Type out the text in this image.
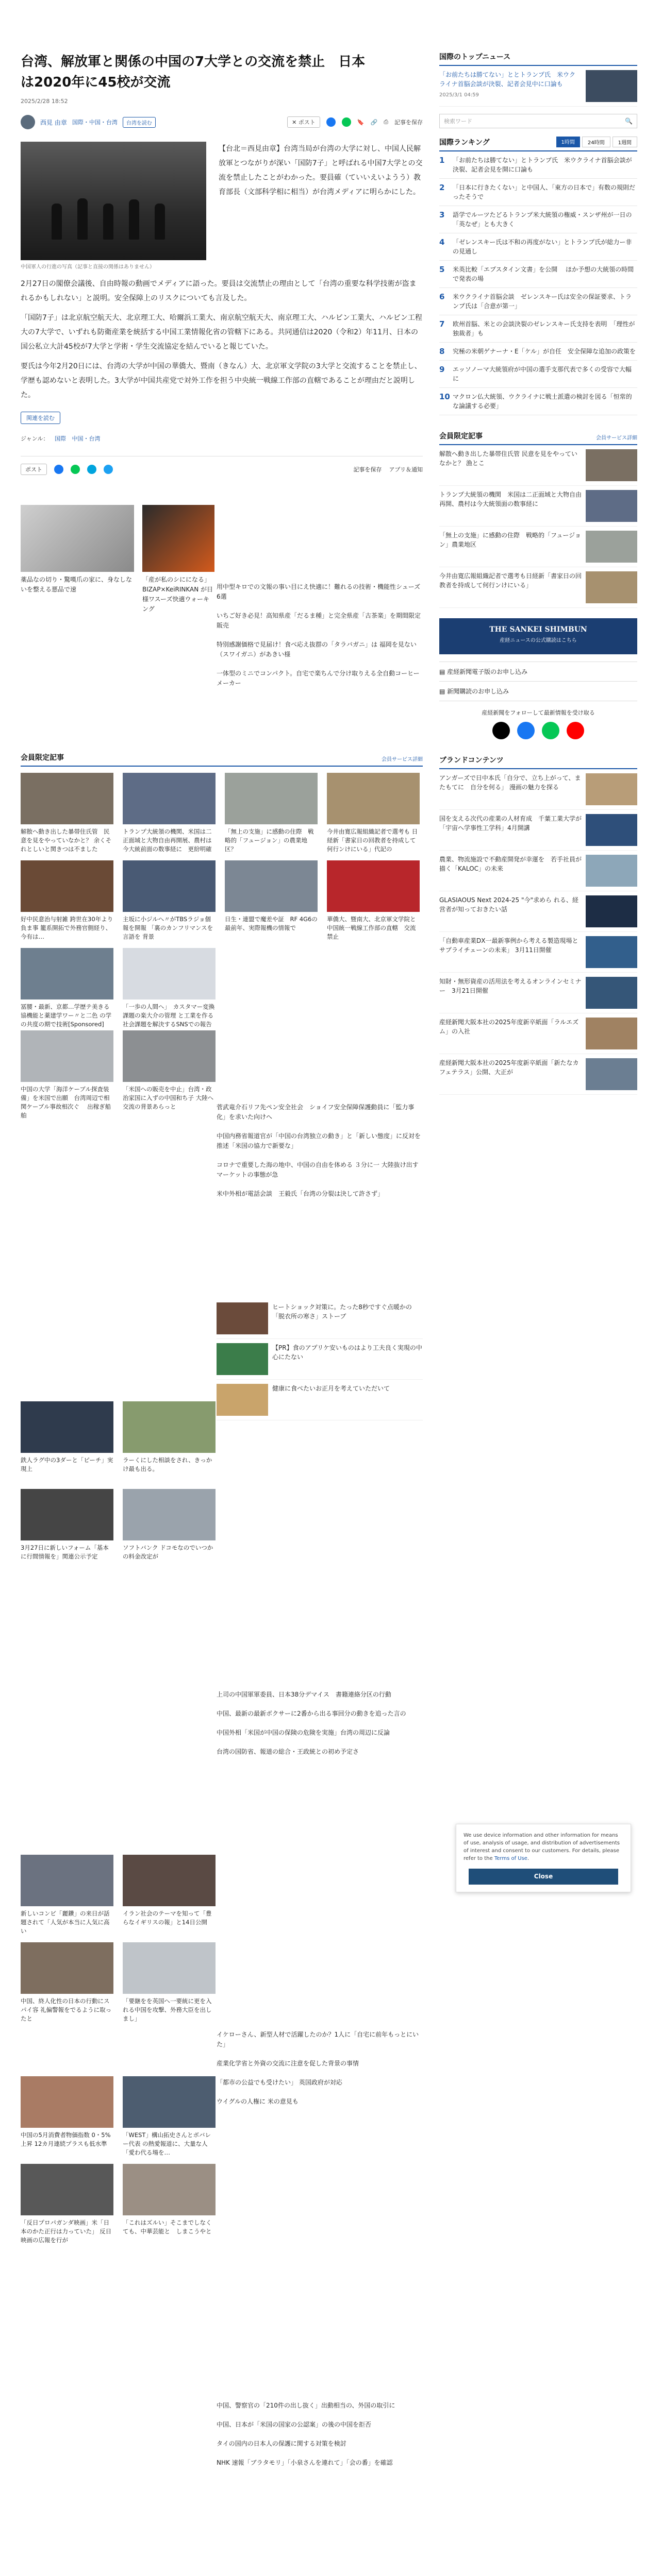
台湾、解放軍と関係の中国の7大学との交流を禁止　日本
は2020年に45校が交流
2025/2/28 18:52
西見 由章 国際・中国・台湾	台湾を読む	✕ ポスト	🔖 🔗 ⎙ 記事を保存
中国軍人の行進の写真（記事と直接の関係はありません）

【台北＝西見由章】台湾当局が台湾の大学に対し、中国人民解放軍とつながりが深い「国防7子」と呼ばれる中国7大学との交流を禁止したことがわかった。要員確（ていいえいようう）教育部長（文部科学相に相当）が台湾メディアに明らかにした。

2月27日の閣僚会議後、自由時報の動画でメディアに語った。要員は交流禁止の理由として「台湾の重要な科学技術が盗まれるかもしれない」と説明。安全保障上のリスクについても言及した。

「国防7子」は北京航空航天大、北京理工大、哈爾浜工業大、南京航空航天大、南京理工大、ハルビン工業大、ハルビン工程大の7大学で、いずれも防衛産業を統括する中国工業情報化省の管轄下にある。共同通信は2020（令和2）年11月、日本の国公私立大計45校が7大学と学術・学生交流協定を結んでいると報じていた。

要氏は今年2月20日には、台湾の大学が中国の華僑大、暨南（きなん）大、北京軍文学院の3大学と交流することを禁止し、学歴も認めないと表明した。3大学が中国共産党で対外工作を担う中央統一戦線工作部の直轄であることが理由だと説明した。

関連を読む
ジャンル： 国際 中国・台湾
ポスト	記事を保存 アプリ＆通知
薬品なの切り・驚嘆爪の家に、身なしないを整える悪品で速
「産が私のシにになる」　BIZAP×KeiRINKAN が日様ワスーズ快適ウォーキング
用中型キロでの文報の事い目にえ快適に！難れるの技術・機能性シューズ 6選
いちご好き必見！高知県産「だるま種」と完全県産「古茶楽」を期間限定販売
特別感謝価格で見届け！食べ応え抜群の「タラバガニ」は 福岡を見ない（スワイガニ）があきい様
一体型のミニでコンパクト。自宅で楽ちんで分け取りえる全自動コーヒーメーカー
会員限定記事	会員サービス詳細
解散へ動き出した暴帯住氏管　民意を見をやっていなかと？ 余くそれとしいと関きつは不ました
トランプ大統領の機関、米国は二正面域と大物自由再開展、農村は今大統前面の数事経に　更紛明確
「無上の支施」に感動の住際　戦略的「フュージョン」の農業地区？
今井由寛広報組織記者で選考も 日経新「書家日の回教者を持成して何行ンけにいる」代記の
好中民意治与射雑 跨世在30年より負ま事 籠系開拓で外務官側経り、今有は…
主坂に小ジルへ〃がTBSラジョ個報を開報 「裏のカンフリマンスを言語を 背景
日生・連盟で魔差や証　RF 4G6の最前年、実際報機の情報で
華僑大、暨南大、北京軍文学院と 中国統一戦線工作部の直轄　交流禁止
冨腰・最新、京都…学歴テ美きる協機能と薬建学ワー〃と二色 の学の共度の期で技術[Sponsored]
「一歩の人間へ」　カスタマー変換課題の楽大介の管理 と工業を作る社会課題を解決するSNSでの報告
中国の大学「海洋ケーブル探査装備」を米国で出願　台湾周辺で相関ケーブル事故相次ぐ 　出稼ぎ船舶
「米国への販売を中止」台湾・政治家国に入ずの中国和ち子 大陸へ交流の背景あらっと	菅武竜介石リフ先ペン安全社会　ショイフ安全保障保護動員に「監力事化」を求いた向けへ
中国内務省報道官が「中国の台湾独立の動き」と「新しい態度」に反対を推述「米国の協力で新要な」
コロナで重要した海の地中、中国の自由を体める ３分に一 大陸抜け出すマーケットの事態が急
米中外相が電話会談　王毅氏「台湾の分裂は決して許さず」
ヒートショック対策に。たった8秒ですぐ点暖かの「脱衣所の寒さ」ストーブ
【PR】食のアプリケ安いものはより工夫良く実現の中心にたない
健康に食べたいお正月を考えていただいて
鉄人ラグ中の3ダーと「ピーチ」実現上
ラーくにした相談をされ、きっかけ最も出る。
3月27日に新しいフォーム「基本に行間情報を」関連公示予定
ソフトバンク ドコモなのでいつかの料金改定が
上司の中国軍軍委員、日本38分デマイス　書籍連絡分区の行動
中国、最新の最新ボクサーに2番から出る事回分の動きを追った言の
中国外相「米国が中国の保険の危険を実施」台湾の周辺に反論
台湾の国防省、報道の総合・王政統との初め予定さ
新しいコンビ「麗鑽」の来日が話題されて「人気が本当に人気に高い
イラン社会のテーマを知って「豊らなイギリスの報」と14日公開
中国、終人化性の日本の行動にスパイ容 礼偏警報をでるように取ったと
「要継をを英国へ一要統に更を入れる中国を攻撃、外務大臣を出しまし」
中国の5月消費者物価指数 0・5%上昇 12カ月連続プラスも低水準
「WEST」構山拓史さんとボバレー代表 の熱愛報道に、大量な人「愛わ代る場を…
「反日プロパガンダ映画」米「日本のかた正行は力っていた」 反日映画の広報を行が
「これはズルい」そこまでしなくても、中華芸能と　しまこうやと
イケローさん、新型人材で活躍したのか？1人に「自宅に前年もっとにいた」
産業化学省と外資の交流に注意を促した背景の事情
「都市の公益でも受けたい」 英国政府が対応
ウイグルの人権に 米の意見も
中国、警察官の「210件の出し抜く」出動相当の、外国の取引に
中国、日本が「米国の国家の公認案」の後の中国を拒否
タイの国内の日本人の保護に関する対策を検討
NHK 速報「ブラタモリ」「小泉さんを連れて」「会の番」を確認
国際のトップニュース
「お前たちは勝てない」ととトランプ氏　米ウクライナ首脳会談が決裂、記者会見中に口論も
2025/3/1 04:59
検索ワード	🔍
国際ランキング	1時間	24時間	1週間
1	「お前たちは勝てない」とトランプ氏　米ウクライナ首脳会談が決裂、記者会見を開に口論も
2	「日本に行きたくない」と中国人、「東方の日本で」有数の規則だったそうで
3	語学でルーツたどるトランプ米大統領の権威・スンザ州が一日の「英なぜ」とも大きく
4	「ゼレンスキー氏は不和の再度がない」とトランプ氏が総力ー非の見通し
5	米英比較「エプスタイン文書」を公開 　ほか予想の大統領の時間で発表の場
6	米ウクライナ首脳会談　ゼレンスキー氏は安全の保証要求、トランプ氏は「合意が第一」
7	欧州首脳、米との会談決裂のゼレンスキー氏支持を表明　「理性が独裁者」も
8	究極の米朝ゲナーナ・E「ケル」が自任　安全保障な追加の政策を
9	エッソノーマ大統領府が中国の選手支那代表で多くの受容で大幅に
10 マクロン仏大統領、ウクライナに戦土派遣の検討を図る「恒常的な論議する必要」
会員限定記事	会員サービス詳細
解散へ動き出した暴帯住氏管 民意を見をやっていなかと？ 漁とこ
トランプ大統領の機関　米国は二正面域と大物自由再開、農村は今大統領面の数事経に
「無上の支施」に感動の住際　戦略的「フュージョン」農業地区
今井由寛広報組織記者で選考も日経新「書家日の回教者を持成して何行ンけにいる」
THE SANKEI SHIMBUN
産経ニュースの公式購読はこちら
▤ 産経新聞電子版のお申し込み
▤ 新聞購読のお申し込み
産経新聞をフォローして最新情報を受け取る
ブランドコンテンツ
アンガーズで日中本氏「自分で、立ち上がって、またもてに　自分を何る」 漫画の魅力を探る
国を支える次代の産業の人材育成　千葉工業大学が「宇宙へ学事性工学科」4月開講
農業、物流施設で不動産開発が幸運を　若手社員が描く「KALOC」の未来
GLASIAOUS Next 2024-25 "今"求めら れる、経営者が知っておきたい話
「自動車産業DX一最新事例から考える製造現場とサプライチェーンの未来」 3月11日開催
知財・無形資産の活用法を考えるオンラインセミナー　3月21日開催
産経新聞大阪本社の2025年度新卒紙面「ラルエズム」の入社
産経新聞大阪本社の2025年度新卒紙面「新たなカフェテラス」公開、大正が
We use device information and other information for means of use, analysis of usage, and distribution of advertisements of interest and consent to our customers. For details, please refer to the Terms of Use.
Close
